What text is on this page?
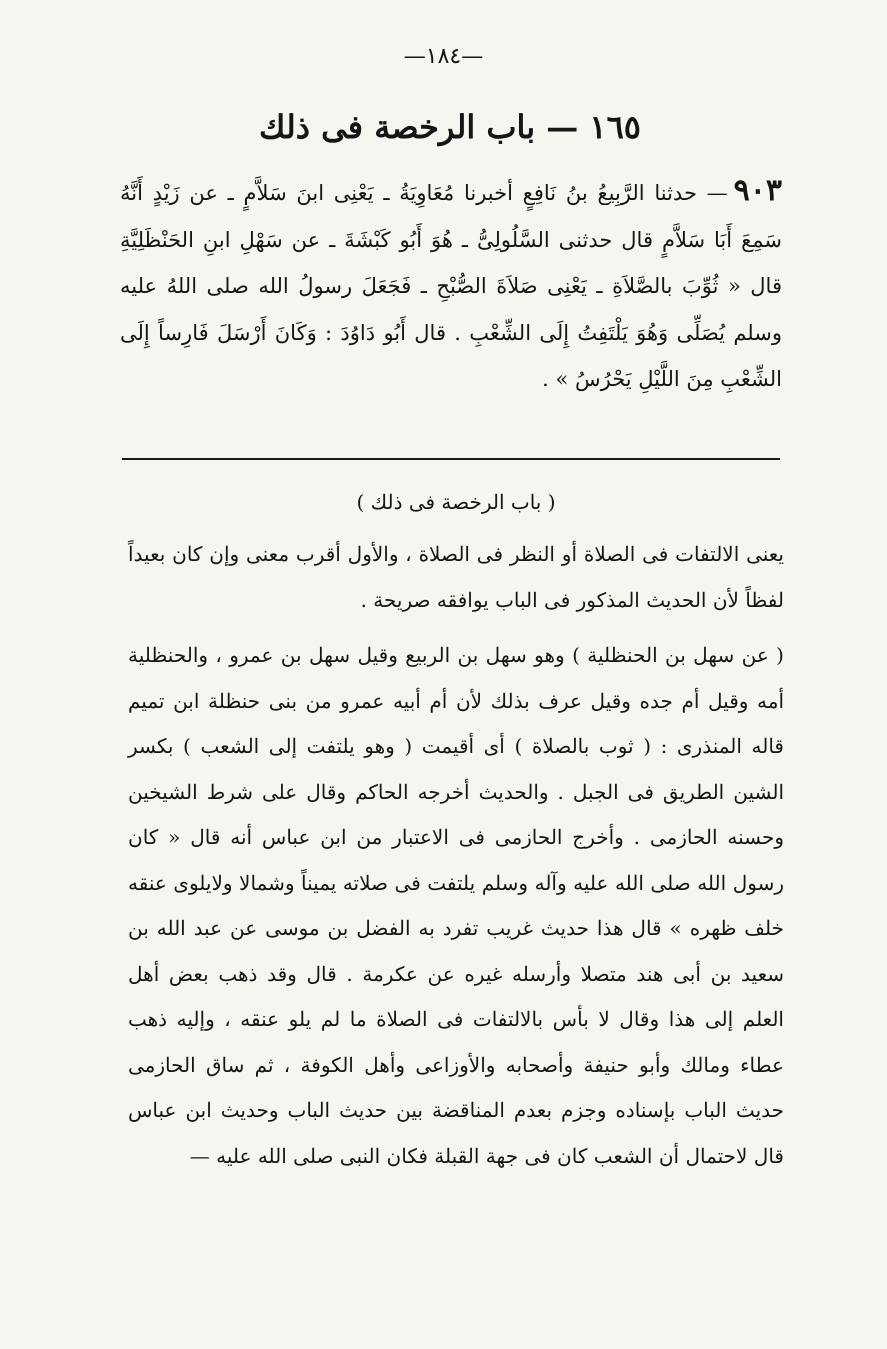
—١٨٤—
١٦٥ — باب الرخصة فى ذلك
٩٠٣— حدثنا الرَّبِيعُ بنُ نَافِعٍ أخبرنا مُعَاوِيَةُ ـ يَعْنِى ابنَ سَلاَّمٍ ـ عن زَيْدٍ أَنَّهُ سَمِعَ أَبَا سَلاَّمٍ قال حدثنى السَّلُولِىُّ ـ هُوَ أَبُو كَبْشَةَ ـ عن سَهْلِ ابنِ الحَنْظَلِيَّةِ قال « ثُوِّبَ بالصَّلاَةِ ـ يَعْنِى صَلاَةَ الصُّبْحِ ـ فَجَعَلَ رسولُ الله صلى اللهُ عليه وسلم يُصَلِّى وَهُوَ يَلْتَفِتُ إِلَى الشِّعْبِ . قال أَبُو دَاوُدَ : وَكَانَ أَرْسَلَ فَارِساً إِلَى الشِّعْبِ مِنَ اللَّيْلِ يَحْرُسُ » .
( باب الرخصة فى ذلك )

يعنى الالتفات فى الصلاة أو النظر فى الصلاة ، والأول أقرب معنى وإن كان بعيداً لفظاً لأن الحديث المذكور فى الباب يوافقه صريحة .

( عن سهل بن الحنظلية ) وهو سهل بن الربيع وقيل سهل بن عمرو ، والحنظلية أمه وقيل أم جده وقيل عرف بذلك لأن أم أبيه عمرو من بنى حنظلة ابن تميم قاله المنذرى : ( ثوب بالصلاة ) أى أقيمت ( وهو يلتفت إلى الشعب ) بكسر الشين الطريق فى الجبل . والحديث أخرجه الحاكم وقال على شرط الشيخين وحسنه الحازمى . وأخرج الحازمى فى الاعتبار من ابن عباس أنه قال « كان رسول الله صلى الله عليه وآله وسلم يلتفت فى صلاته يميناً وشمالا ولايلوى عنقه خلف ظهره » قال هذا حديث غريب تفرد به الفضل بن موسى عن عبد الله بن سعيد بن أبى هند متصلا وأرسله غيره عن عكرمة . قال وقد ذهب بعض أهل العلم إلى هذا وقال لا بأس بالالتفات فى الصلاة ما لم يلو عنقه ، وإليه ذهب عطاء ومالك وأبو حنيفة وأصحابه والأوزاعى وأهل الكوفة ، ثم ساق الحازمى حديث الباب بإسناده وجزم بعدم المناقضة بين حديث الباب وحديث ابن عباس قال لاحتمال أن الشعب كان فى جهة القبلة فكان النبى صلى الله عليه —
